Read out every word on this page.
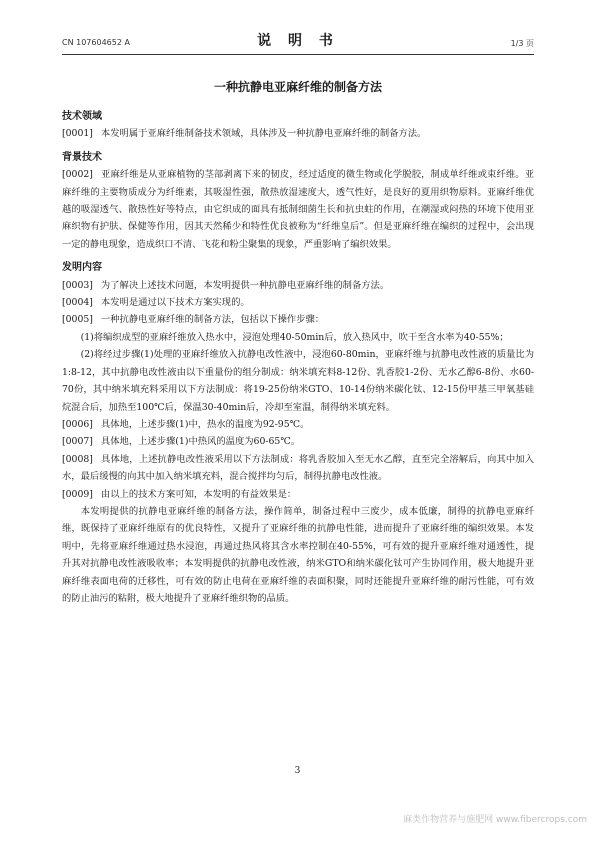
CN 107604652 A	说 明 书	1/3 页
一种抗静电亚麻纤维的制备方法
技术领域
[0001] 本发明属于亚麻纤维制备技术领域，具体涉及一种抗静电亚麻纤维的制备方法。
背景技术
[0002] 亚麻纤维是从亚麻植物的茎部剥离下来的韧皮，经过适度的微生物或化学脱胶，制成单纤维或束纤维。亚麻纤维的主要物质成分为纤维素，其吸湿性强，散热放湿速度大，透气性好，是良好的夏用织物原料。亚麻纤维优越的吸湿透气、散热性好等特点，由它织成的面具有抵制细菌生长和抗虫蛀的作用，在潮湿或闷热的环境下使用亚麻织物有护肤、保健等作用，因其天然稀少和特性优良被称为“纤维皇后”。但是亚麻纤维在编织的过程中，会出现一定的静电现象，造成织口不清、飞花和粉尘聚集的现象，严重影响了编织效果。
发明内容
[0003] 为了解决上述技术问题，本发明提供一种抗静电亚麻纤维的制备方法。
[0004] 本发明是通过以下技术方案实现的。
[0005] 一种抗静电亚麻纤维的制备方法，包括以下操作步骤：
(1)将编织成型的亚麻纤维放入热水中，浸泡处理40-50min后，放入热风中，吹干至含水率为40-55%；
(2)将经过步骤(1)处理的亚麻纤维放入抗静电改性液中，浸泡60-80min，亚麻纤维与抗静电改性液的质量比为1:8-12，其中抗静电改性液由以下重量份的组分制成：纳米填充料8-12份、乳香胶1-2份、无水乙醇6-8份、水60-70份，其中纳米填充料采用以下方法制成：将19-25份纳米GTO、10-14份纳米碳化钛、12-15份甲基三甲氧基硅烷混合后，加热至100℃后，保温30-40min后，冷却至室温，制得纳米填充料。
[0006] 具体地，上述步骤(1)中，热水的温度为92-95℃。
[0007] 具体地，上述步骤(1)中热风的温度为60-65℃。
[0008] 具体地，上述抗静电改性液采用以下方法制成：将乳香胶加入至无水乙醇，直至完全溶解后，向其中加入水，最后缓慢的向其中加入纳米填充料，混合搅拌均匀后，制得抗静电改性液。
[0009] 由以上的技术方案可知，本发明的有益效果是：
本发明提供的抗静电亚麻纤维的制备方法，操作简单，制备过程中三废少，成本低廉，制得的抗静电亚麻纤维，既保持了亚麻纤维原有的优良特性，又提升了亚麻纤维的抗静电性能，进而提升了亚麻纤维的编织效果。本发明中，先将亚麻纤维通过热水浸泡，再通过热风将其含水率控制在40-55%，可有效的提升亚麻纤维对通透性，提升其对抗静电改性液吸收率；本发明提供的抗静电改性液，纳米GTO和纳米碳化钛可产生协同作用，极大地提升亚麻纤维表面电荷的迁移性，可有效的防止电荷在亚麻纤维的表面积聚，同时还能提升亚麻纤维的耐污性能，可有效的防止油污的粘附，极大地提升了亚麻纤维织物的品质。
3
麻类作物营养与施肥网 www.fibercrops.com
